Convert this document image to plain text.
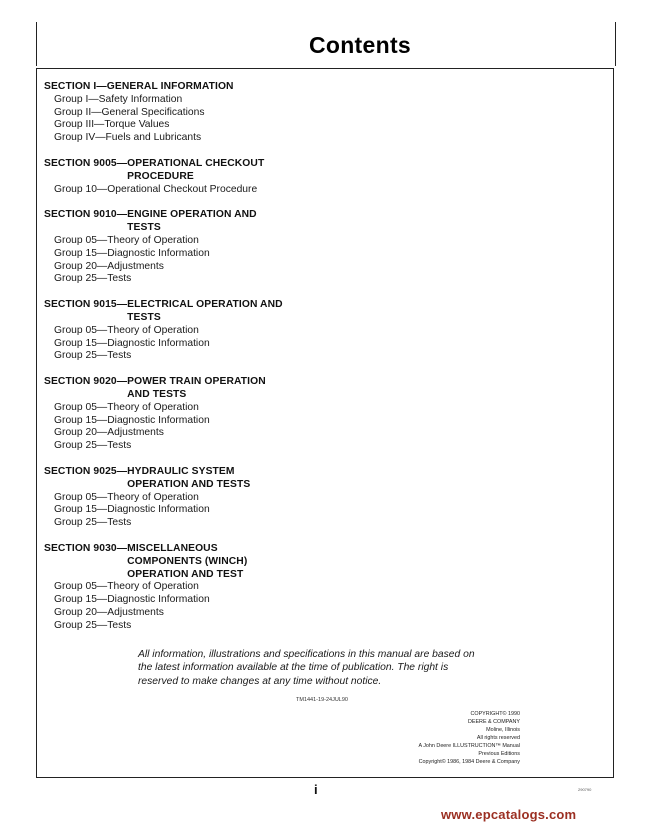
Contents
SECTION I— GENERAL INFORMATION
Group I—Safety Information
Group II—General Specifications
Group III—Torque Values
Group IV—Fuels and Lubricants
SECTION 9005— OPERATIONAL CHECKOUT
PROCEDURE
Group 10—Operational Checkout Procedure
SECTION 9010— ENGINE OPERATION AND
TESTS
Group 05—Theory of Operation
Group 15—Diagnostic Information
Group 20—Adjustments
Group 25—Tests
SECTION 9015— ELECTRICAL OPERATION AND
TESTS
Group 05—Theory of Operation
Group 15—Diagnostic Information
Group 25—Tests
SECTION 9020— POWER TRAIN OPERATION
AND TESTS
Group 05—Theory of Operation
Group 15—Diagnostic Information
Group 20—Adjustments
Group 25—Tests
SECTION 9025— HYDRAULIC SYSTEM
OPERATION AND TESTS
Group 05—Theory of Operation
Group 15—Diagnostic Information
Group 25—Tests
SECTION 9030— MISCELLANEOUS
COMPONENTS (WINCH)
OPERATION AND TEST
Group 05—Theory of Operation
Group 15—Diagnostic Information
Group 20—Adjustments
Group 25—Tests
All information, illustrations and specifications in this manual are based on
the latest information available at the time of publication. The right is
reserved to make changes at any time without notice.
TM1441-19-24JUL90
COPYRIGHT© 1990
DEERE & COMPANY
Moline, Illinois
All rights reserved
A John Deere ILLUSTRUCTION™ Manual
Previous Editions
Copyright© 1986, 1984 Deere & Company
i	290790
www.epcatalogs.com
